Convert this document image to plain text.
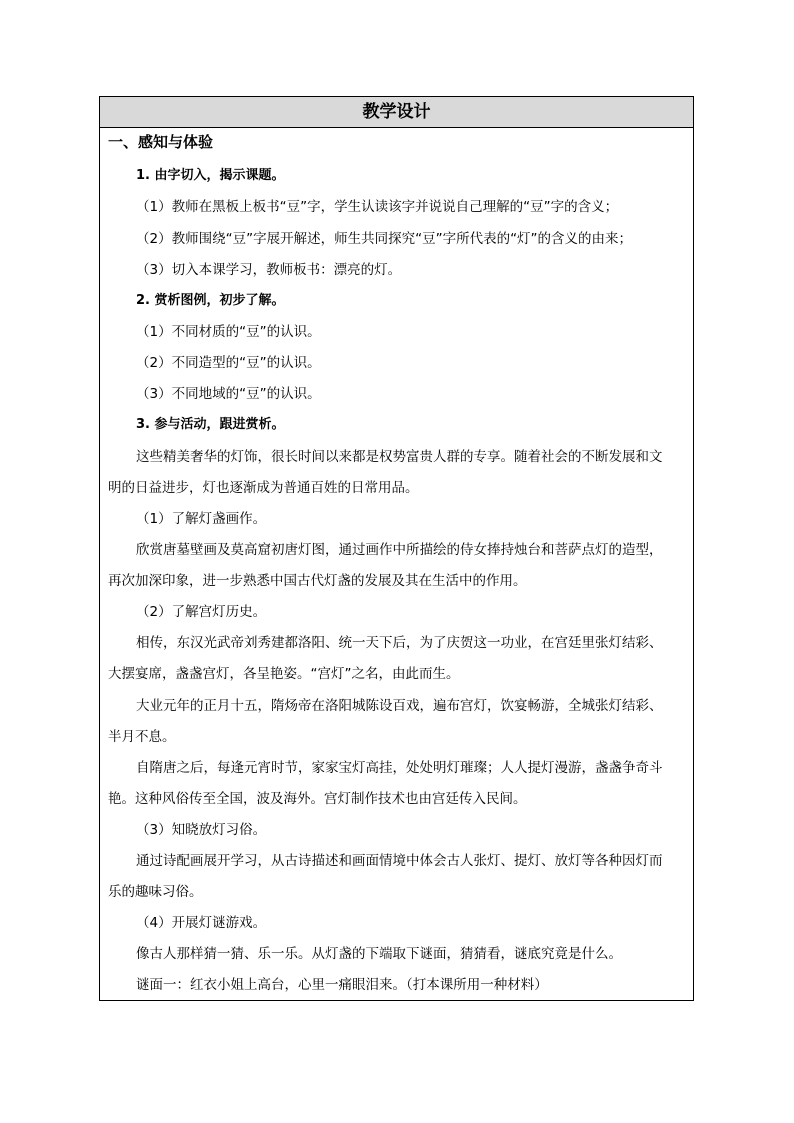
教学设计
一、感知与体验
1. 由字切入，揭示课题。
（1）教师在黑板上板书“豆”字，学生认读该字并说说自己理解的“豆”字的含义；
（2）教师围绕“豆”字展开解述，师生共同探究“豆”字所代表的“灯”的含义的由来；
（3）切入本课学习，教师板书：漂亮的灯。
2. 赏析图例，初步了解。
（1）不同材质的“豆”的认识。
（2）不同造型的“豆”的认识。
（3）不同地域的“豆”的认识。
3. 参与活动，跟进赏析。
这些精美奢华的灯饰，很长时间以来都是权势富贵人群的专享。随着社会的不断发展和文
明的日益进步，灯也逐渐成为普通百姓的日常用品。
（1）了解灯盏画作。
欣赏唐墓壁画及莫高窟初唐灯图，通过画作中所描绘的侍女捧持烛台和菩萨点灯的造型，
再次加深印象，进一步熟悉中国古代灯盏的发展及其在生活中的作用。
（2）了解宫灯历史。
相传，东汉光武帝刘秀建都洛阳、统一天下后，为了庆贺这一功业，在宫廷里张灯结彩、
大摆宴席，盏盏宫灯，各呈艳姿。“宫灯”之名，由此而生。
大业元年的正月十五，隋炀帝在洛阳城陈设百戏，遍布宫灯，饮宴畅游，全城张灯结彩、
半月不息。
自隋唐之后，每逢元宵时节，家家宝灯高挂，处处明灯璀璨；人人提灯漫游，盏盏争奇斗
艳。这种风俗传至全国，波及海外。宫灯制作技术也由宫廷传入民间。
（3）知晓放灯习俗。
通过诗配画展开学习，从古诗描述和画面情境中体会古人张灯、提灯、放灯等各种因灯而
乐的趣味习俗。
（4）开展灯谜游戏。
像古人那样猜一猜、乐一乐。从灯盏的下端取下谜面，猜猜看，谜底究竟是什么。
谜面一：红衣小姐上高台，心里一痛眼泪来。（打本课所用一种材料）
